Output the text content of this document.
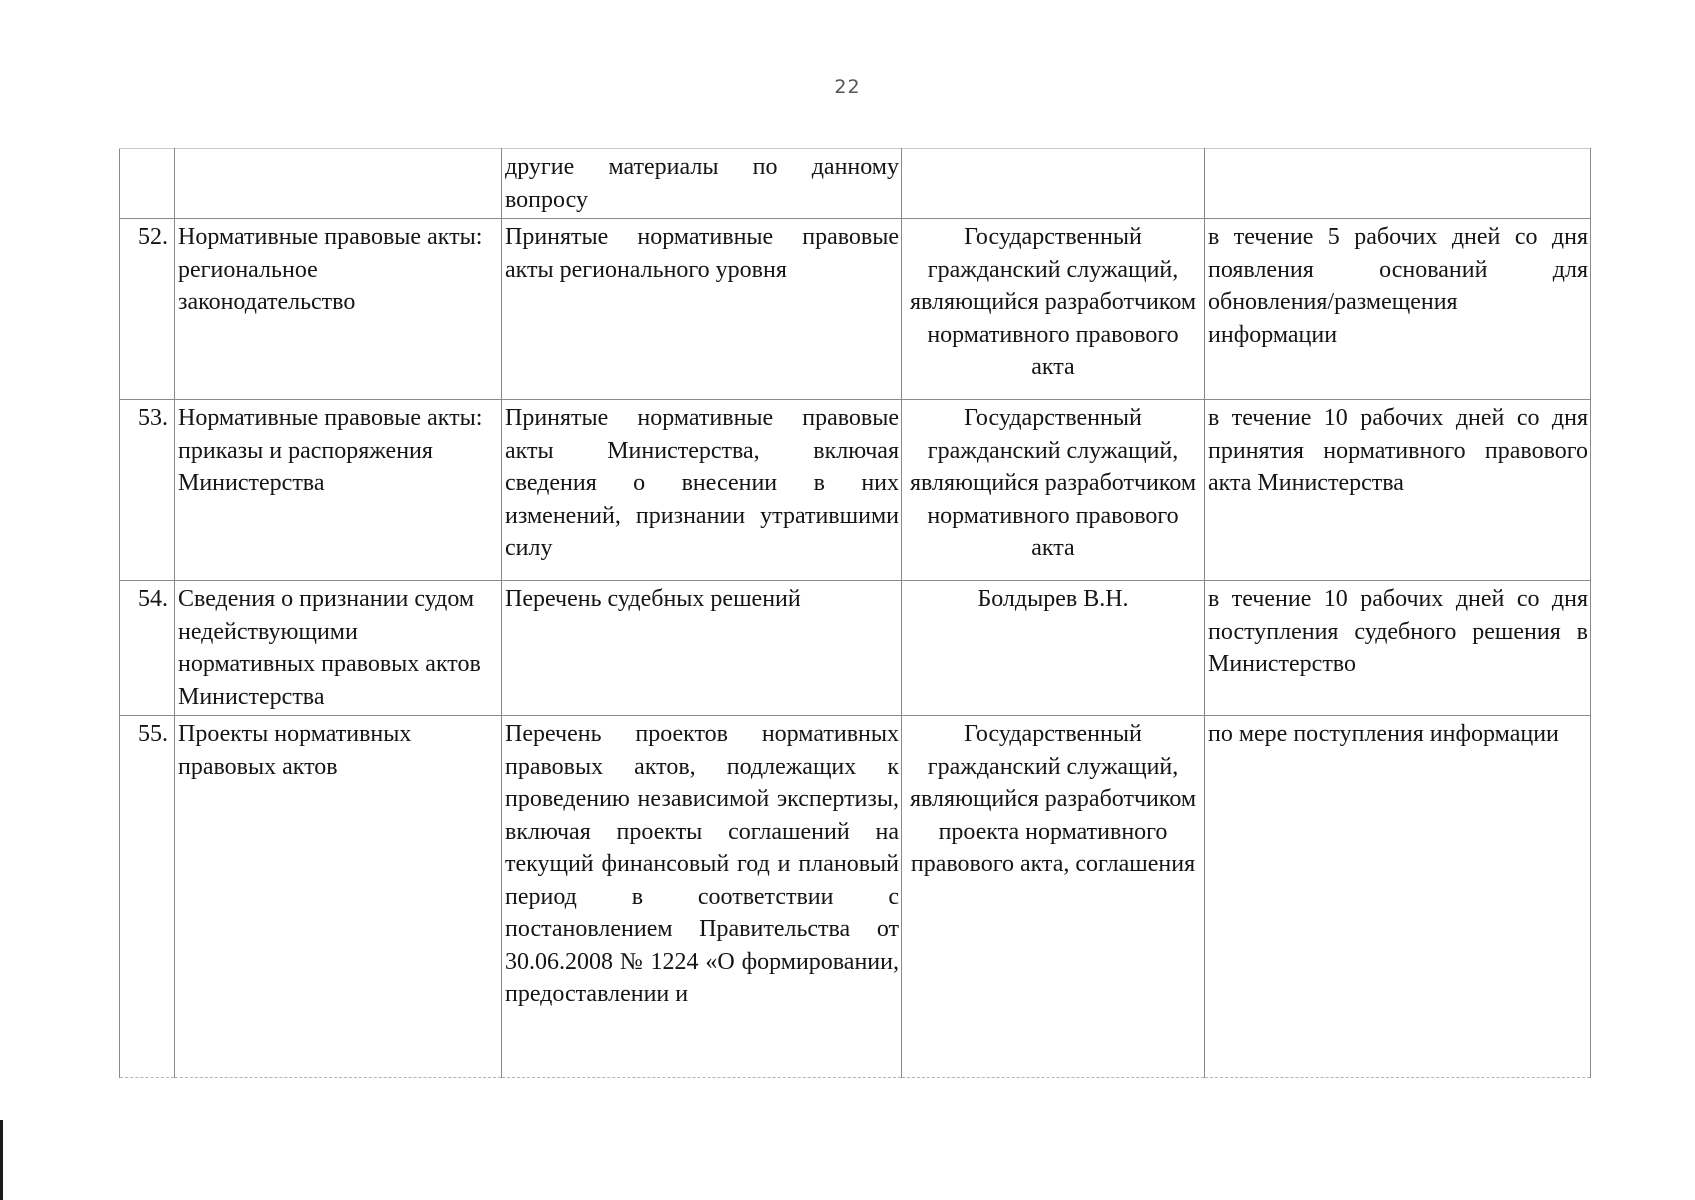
22

		другие материалы по данному вопросу		

52.	Нормативные правовые акты: региональное законодательство	Принятые нормативные правовые акты регионального уровня	Государственный гражданский служащий, являющийся разработчиком нормативного правового акта	в течение 5 рабочих дней со дня появления оснований для обновления/размещения информации
53.	Нормативные правовые акты: приказы и распоряжения Министерства	Принятые нормативные правовые акты Министерства, включая сведения о внесении в них изменений, признании утратившими силу	Государственный гражданский служащий, являющийся разработчиком нормативного правового акта	в течение 10 рабочих дней со дня принятия нормативного правового акта Министерства
54.	Сведения о признании судом недействующими нормативных правовых актов Министерства	Перечень судебных решений	Болдырев В.Н.	в течение 10 рабочих дней со дня поступления судебного решения в Министерство
55.	Проекты нормативных правовых актов	Перечень проектов нормативных правовых актов, подлежащих к проведению независимой экспертизы, включая проекты соглашений на текущий финансовый год и плановый период в соответствии с постановлением Правительства от 30.06.2008 № 1224 «О формировании, предоставлении и	Государственный гражданский служащий, являющийся разработчиком проекта нормативного правового акта, соглашения	по мере поступления информации
